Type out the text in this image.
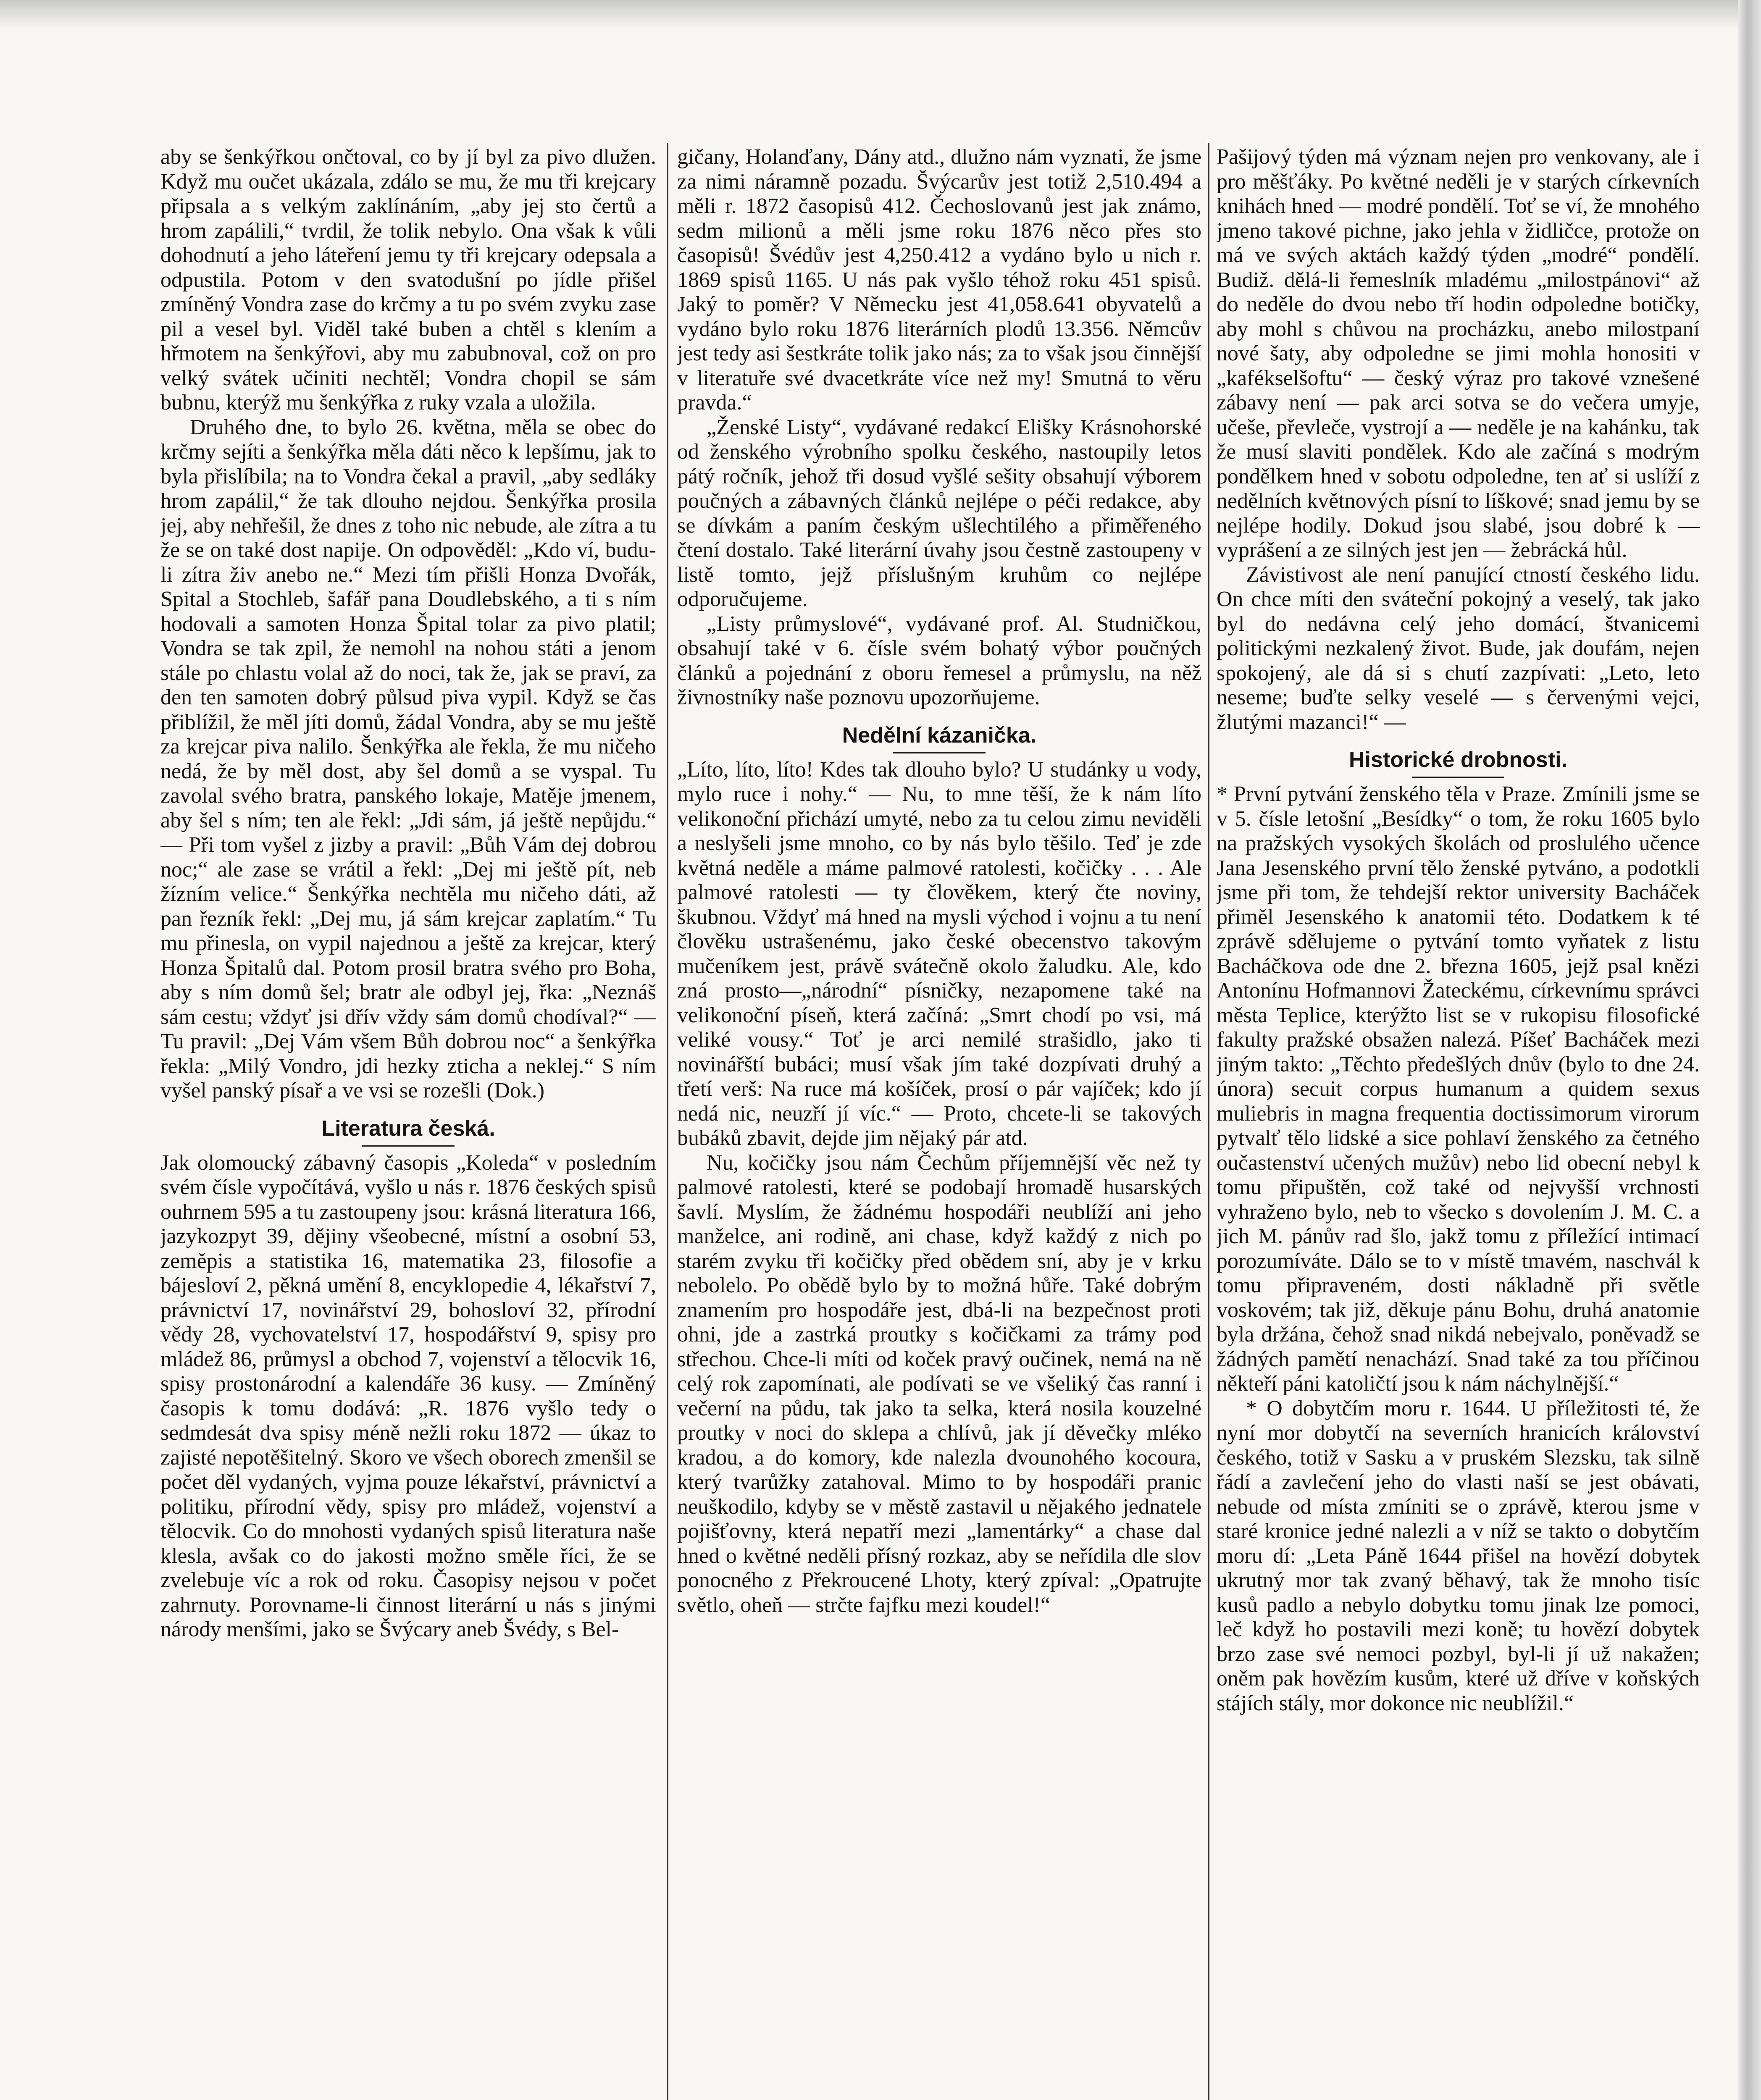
aby se šenkýřkou ončtoval, co by jí byl za pivo dlužen. Když mu oučet ukázala, zdálo se mu, že mu tři krejcary připsala a s velkým zaklínáním, „aby jej sto čertů a hrom zapálili,“ tvrdil, že tolik nebylo. Ona však k vůli dohodnutí a jeho láteření jemu ty tři krejcary odepsala a odpustila. Potom v den svatodušní po jídle přišel zmíněný Vondra zase do krčmy a tu po svém zvyku zase pil a vesel byl. Viděl také buben a chtěl s klením a hřmotem na šenkýřovi, aby mu zabubnoval, což on pro velký svátek učiniti nechtěl; Vondra chopil se sám bubnu, kterýž mu šenkýřka z ruky vzala a uložila.

Druhého dne, to bylo 26. května, měla se obec do krčmy sejíti a šenkýřka měla dáti něco k lepšímu, jak to byla přislíbila; na to Vondra čekal a pravil, „aby sedláky hrom zapálil,“ že tak dlouho nejdou. Šenkýřka prosila jej, aby nehřešil, že dnes z toho nic nebude, ale zítra a tu že se on také dost napije. On odpověděl: „Kdo ví, budu-li zítra živ anebo ne.“ Mezi tím přišli Honza Dvořák, Spital a Stochleb, šafář pana Doudlebského, a ti s ním hodovali a samoten Honza Špital tolar za pivo platil; Vondra se tak zpil, že nemohl na nohou státi a jenom stále po chlastu volal až do noci, tak že, jak se praví, za den ten samoten dobrý půlsud piva vypil. Když se čas přiblížil, že měl jíti domů, žádal Vondra, aby se mu ještě za krejcar piva nalilo. Šenkýřka ale řekla, že mu ničeho nedá, že by měl dost, aby šel domů a se vyspal. Tu zavolal svého bratra, panského lokaje, Matěje jmenem, aby šel s ním; ten ale řekl: „Jdi sám, já ještě nepůjdu.“ — Při tom vyšel z jizby a pravil: „Bůh Vám dej dobrou noc;“ ale zase se vrátil a řekl: „Dej mi ještě pít, neb žízním velice.“ Šenkýřka nechtěla mu ničeho dáti, až pan řezník řekl: „Dej mu, já sám krejcar zaplatím.“ Tu mu přinesla, on vypil najednou a ještě za krejcar, který Honza Špitalů dal. Potom prosil bratra svého pro Boha, aby s ním domů šel; bratr ale odbyl jej, řka: „Neznáš sám cestu; vždyť jsi dřív vždy sám domů chodíval?“ — Tu pravil: „Dej Vám všem Bůh dobrou noc“ a šenkýřka řekla: „Milý Vondro, jdi hezky zticha a neklej.“ S ním vyšel panský písař a ve vsi se rozešli (Dok.)

Literatura česká.

Jak olomoucký zábavný časopis „Koleda“ v posledním svém čísle vypočítává, vyšlo u nás r. 1876 českých spisů ouhrnem 595 a tu zastoupeny jsou: krásná literatura 166, jazykozpyt 39, dějiny všeobecné, místní a osobní 53, zeměpis a statistika 16, matematika 23, filosofie a bájesloví 2, pěkná umění 8, encyklopedie 4, lékařství 7, právnictví 17, novinářství 29, bohosloví 32, přírodní vědy 28, vychovatelství 17, hospodářství 9, spisy pro mládež 86, průmysl a obchod 7, vojenství a tělocvik 16, spisy prostonárodní a kalendáře 36 kusy. — Zmíněný časopis k tomu dodává: „R. 1876 vyšlo tedy o sedmdesát dva spisy méně nežli roku 1872 — úkaz to zajisté nepotěšitelný. Skoro ve všech oborech zmenšil se počet děl vydaných, vyjma pouze lékařství, právnictví a politiku, přírodní vědy, spisy pro mládež, vojenství a tělocvik. Co do mnohosti vydaných spisů literatura naše klesla, avšak co do jakosti možno směle říci, že se zvelebuje víc a rok od roku. Časopisy nejsou v počet zahrnuty. Porovname-li činnost literární u nás s jinými národy menšími, jako se Švýcary aneb Švédy, s Bel-

gičany, Holanďany, Dány atd., dlužno nám vyznati, že jsme za nimi náramně pozadu. Švýcarův jest totiž 2,510.494 a měli r. 1872 časopisů 412. Čechoslovanů jest jak známo, sedm milionů a měli jsme roku 1876 něco přes sto časopisů! Švédův jest 4,250.412 a vydáno bylo u nich r. 1869 spisů 1165. U nás pak vyšlo téhož roku 451 spisů. Jaký to poměr? V Německu jest 41,058.641 obyvatelů a vydáno bylo roku 1876 literárních plodů 13.356. Němcův jest tedy asi šestkráte tolik jako nás; za to však jsou činnější v literatuře své dvacetkráte více než my! Smutná to věru pravda.“

„Ženské Listy“, vydávané redakcí Elišky Krásnohorské od ženského výrobního spolku českého, nastoupily letos pátý ročník, jehož tři dosud vyšlé sešity obsahují výborem poučných a zábavných článků nejlépe o péči redakce, aby se dívkám a paním českým ušlechtilého a přiměřeného čtení dostalo. Také literární úvahy jsou čestně zastoupeny v listě tomto, jejž příslušným kruhům co nejlépe odporučujeme.

„Listy průmyslové“, vydávané prof. Al. Studničkou, obsahují také v 6. čísle svém bohatý výbor poučných článků a pojednání z oboru řemesel a průmyslu, na něž živnostníky naše poznovu upozorňujeme.

Nedělní kázanička.

„Líto, líto, líto! Kdes tak dlouho bylo? U studánky u vody, mylo ruce i nohy.“ — Nu, to mne těší, že k nám líto velikonoční přichází umyté, nebo za tu celou zimu neviděli a neslyšeli jsme mnoho, co by nás bylo těšilo. Teď je zde květná neděle a máme palmové ratolesti, kočičky . . . Ale palmové ratolesti — ty člověkem, který čte noviny, škubnou. Vždyť má hned na mysli východ i vojnu a tu není člověku ustrašenému, jako české obecenstvo takovým mučeníkem jest, právě svátečně okolo žaludku. Ale, kdo zná prosto—„národní“ písničky, nezapomene také na velikonoční píseň, která začíná: „Smrt chodí po vsi, má veliké vousy.“ Toť je arci nemilé strašidlo, jako ti novinářští bubáci; musí však jím také dozpívati druhý a třetí verš: Na ruce má košíček, prosí o pár vajíček; kdo jí nedá nic, neuzří jí víc.“ — Proto, chcete-li se takových bubáků zbavit, dejde jim nějaký pár atd.

Nu, kočičky jsou nám Čechům příjemnější věc než ty palmové ratolesti, které se podobají hromadě husarských šavlí. Myslím, že žádnému hospodáři neublíží ani jeho manželce, ani rodině, ani chase, když každý z nich po starém zvyku tři kočičky před obědem sní, aby je v krku nebolelo. Po obědě bylo by to možná hůře. Také dobrým znamením pro hospodáře jest, dbá-li na bezpečnost proti ohni, jde a zastrká proutky s kočičkami za trámy pod střechou. Chce-li míti od koček pravý oučinek, nemá na ně celý rok zapomínati, ale podívati se ve všeliký čas ranní i večerní na půdu, tak jako ta selka, která nosila kouzelné proutky v noci do sklepa a chlívů, jak jí děvečky mléko kradou, a do komory, kde nalezla dvounohého kocoura, který tvarůžky zatahoval. Mimo to by hospodáři pranic neuškodilo, kdyby se v městě zastavil u nějakého jednatele pojišťovny, která nepatří mezi „lamentárky“ a chase dal hned o květné neděli přísný rozkaz, aby se neřídila dle slov ponocného z Překroucené Lhoty, který zpíval: „Opatrujte světlo, oheň — strčte fajfku mezi koudel!“

Pašijový týden má význam nejen pro venkovany, ale i pro měšťáky. Po květné neděli je v starých církevních knihách hned — modré pondělí. Toť se ví, že mnohého jmeno takové pichne, jako jehla v židličce, protože on má ve svých aktách každý týden „modré“ pondělí. Budiž. dělá-li řemeslník mladému „milostpánovi“ až do neděle do dvou nebo tří hodin odpoledne botičky, aby mohl s chůvou na procházku, anebo milostpaní nové šaty, aby odpoledne se jimi mohla honositi v „kafékselšoftu“ — český výraz pro takové vznešené zábavy není — pak arci sotva se do večera umyje, učeše, převleče, vystrojí a — neděle je na kahánku, tak že musí slaviti pondělek. Kdo ale začíná s modrým pondělkem hned v sobotu odpoledne, ten ať si uslíží z nedělních květnových písní to líškové; snad jemu by se nejlépe hodily. Dokud jsou slabé, jsou dobré k — vyprášení a ze silných jest jen — žebrácká hůl.

Závistivost ale není panující ctností českého lidu. On chce míti den sváteční pokojný a veselý, tak jako byl do nedávna celý jeho domácí, štvanicemi politickými nezkalený život. Bude, jak doufám, nejen spokojený, ale dá si s chutí zazpívati: „Leto, leto neseme; buďte selky veselé — s červenými vejci, žlutými mazanci!“ —

Historické drobnosti.

* První pytvání ženského těla v Praze. Zmínili jsme se v 5. čísle letošní „Besídky“ o tom, že roku 1605 bylo na pražských vysokých školách od proslulého učence Jana Jesenského první tělo ženské pytváno, a podotkli jsme při tom, že tehdejší rektor university Bacháček přiměl Jesenského k anatomii této. Dodatkem k té zprávě sdělujeme o pytvání tomto vyňatek z listu Bacháčkova ode dne 2. března 1605, jejž psal knězi Antonínu Hofmannovi Žateckému, církevnímu správci města Teplice, kterýžto list se v rukopisu filosofické fakulty pražské obsažen nalezá. Píšeť Bacháček mezi jiným takto: „Těchto předešlých dnův (bylo to dne 24. února) secuit corpus humanum a quidem sexus muliebris in magna frequentia doctissimorum virorum pytvalť tělo lidské a sice pohlaví ženského za četného oučastenství učených mužův) nebo lid obecní nebyl k tomu připuštěn, což také od nejvyšší vrchnosti vyhraženo bylo, neb to všecko s dovolením J. M. C. a jich M. pánův rad šlo, jakž tomu z příležící intimací porozumíváte. Dálo se to v místě tmavém, naschvál k tomu připraveném, dosti nákladně při světle voskovém; tak již, děkuje pánu Bohu, druhá anatomie byla držána, čehož snad nikdá nebejvalo, poněvadž se žádných pamětí nenachází. Snad také za tou příčinou někteří páni katoličtí jsou k nám náchylnější.“

* O dobytčím moru r. 1644. U příležitosti té, že nyní mor dobytčí na severních hranicích království českého, totiž v Sasku a v pruském Slezsku, tak silně řádí a zavlečení jeho do vlasti naší se jest obávati, nebude od místa zmíniti se o zprávě, kterou jsme v staré kronice jedné nalezli a v níž se takto o dobytčím moru dí: „Leta Páně 1644 přišel na hovězí dobytek ukrutný mor tak zvaný běhavý, tak že mnoho tisíc kusů padlo a nebylo dobytku tomu jinak lze pomoci, leč když ho postavili mezi koně; tu hovězí dobytek brzo zase své nemoci pozbyl, byl-li jí už nakažen; oněm pak hovězím kusům, které už dříve v koňských stájích stály, mor dokonce nic neublížil.“
